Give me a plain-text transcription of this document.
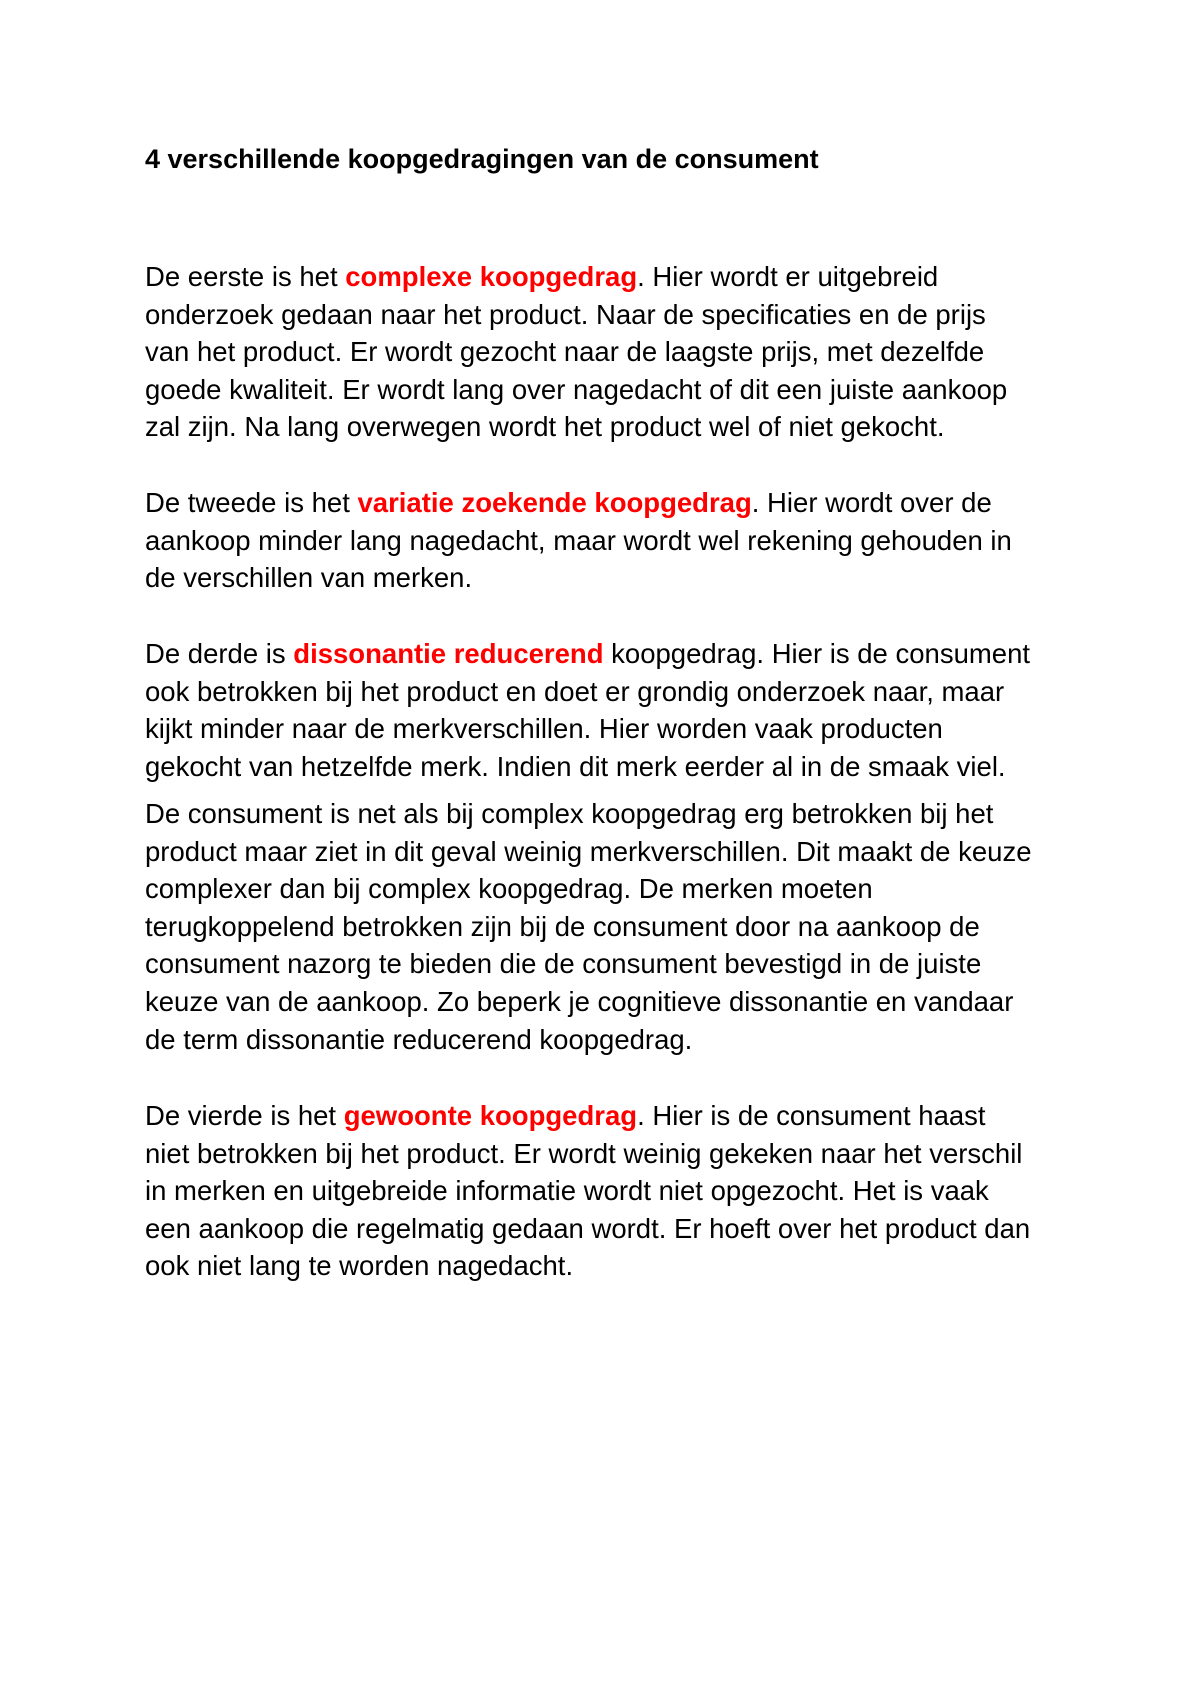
4 verschillende koopgedragingen van de consument

De eerste is het complexe koopgedrag. Hier wordt er uitgebreid
onderzoek gedaan naar het product. Naar de specificaties en de prijs
van het product. Er wordt gezocht naar de laagste prijs, met dezelfde
goede kwaliteit. Er wordt lang over nagedacht of dit een juiste aankoop
zal zijn. Na lang overwegen wordt het product wel of niet gekocht.

De tweede is het variatie zoekende koopgedrag. Hier wordt over de
aankoop minder lang nagedacht, maar wordt wel rekening gehouden in
de verschillen van merken.

De derde is dissonantie reducerend koopgedrag. Hier is de consument
ook betrokken bij het product en doet er grondig onderzoek naar, maar
kijkt minder naar de merkverschillen. Hier worden vaak producten
gekocht van hetzelfde merk. Indien dit merk eerder al in de smaak viel.

De consument is net als bij complex koopgedrag erg betrokken bij het
product maar ziet in dit geval weinig merkverschillen. Dit maakt de keuze
complexer dan bij complex koopgedrag. De merken moeten
terugkoppelend betrokken zijn bij de consument door na aankoop de
consument nazorg te bieden die de consument bevestigd in de juiste
keuze van de aankoop. Zo beperk je cognitieve dissonantie en vandaar
de term dissonantie reducerend koopgedrag.

De vierde is het gewoonte koopgedrag. Hier is de consument haast
niet betrokken bij het product. Er wordt weinig gekeken naar het verschil
in merken en uitgebreide informatie wordt niet opgezocht. Het is vaak
een aankoop die regelmatig gedaan wordt. Er hoeft over het product dan
ook niet lang te worden nagedacht.
